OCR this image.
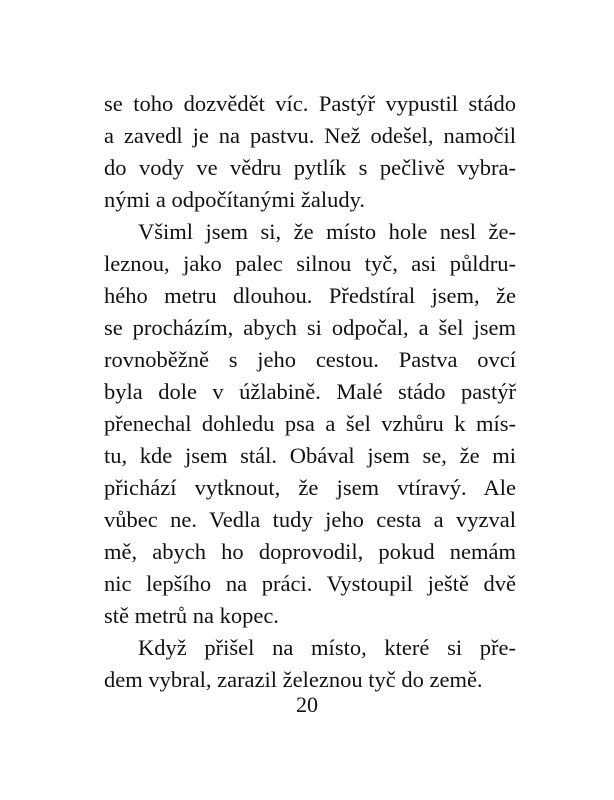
se toho dozvědět víc. Pastýř vypustil stádo
a zavedl je na pastvu. Než odešel, namočil
do vody ve vědru pytlík s pečlivě vybra-
nými a odpočítanými žaludy.
Všiml jsem si, že místo hole nesl že-
leznou, jako palec silnou tyč, asi půldru-
hého metru dlouhou. Předstíral jsem, že
se procházím, abych si odpočal, a šel jsem
rovnoběžně s jeho cestou. Pastva ovcí
byla dole v úžlabině. Malé stádo pastýř
přenechal dohledu psa a šel vzhůru k mís-
tu, kde jsem stál. Obával jsem se, že mi
přichází vytknout, že jsem vtíravý. Ale
vůbec ne. Vedla tudy jeho cesta a vyzval
mě, abych ho doprovodil, pokud nemám
nic lepšího na práci. Vystoupil ještě dvě
stě metrů na kopec.
Když přišel na místo, které si pře-
dem vybral, zarazil železnou tyč do země.
20
